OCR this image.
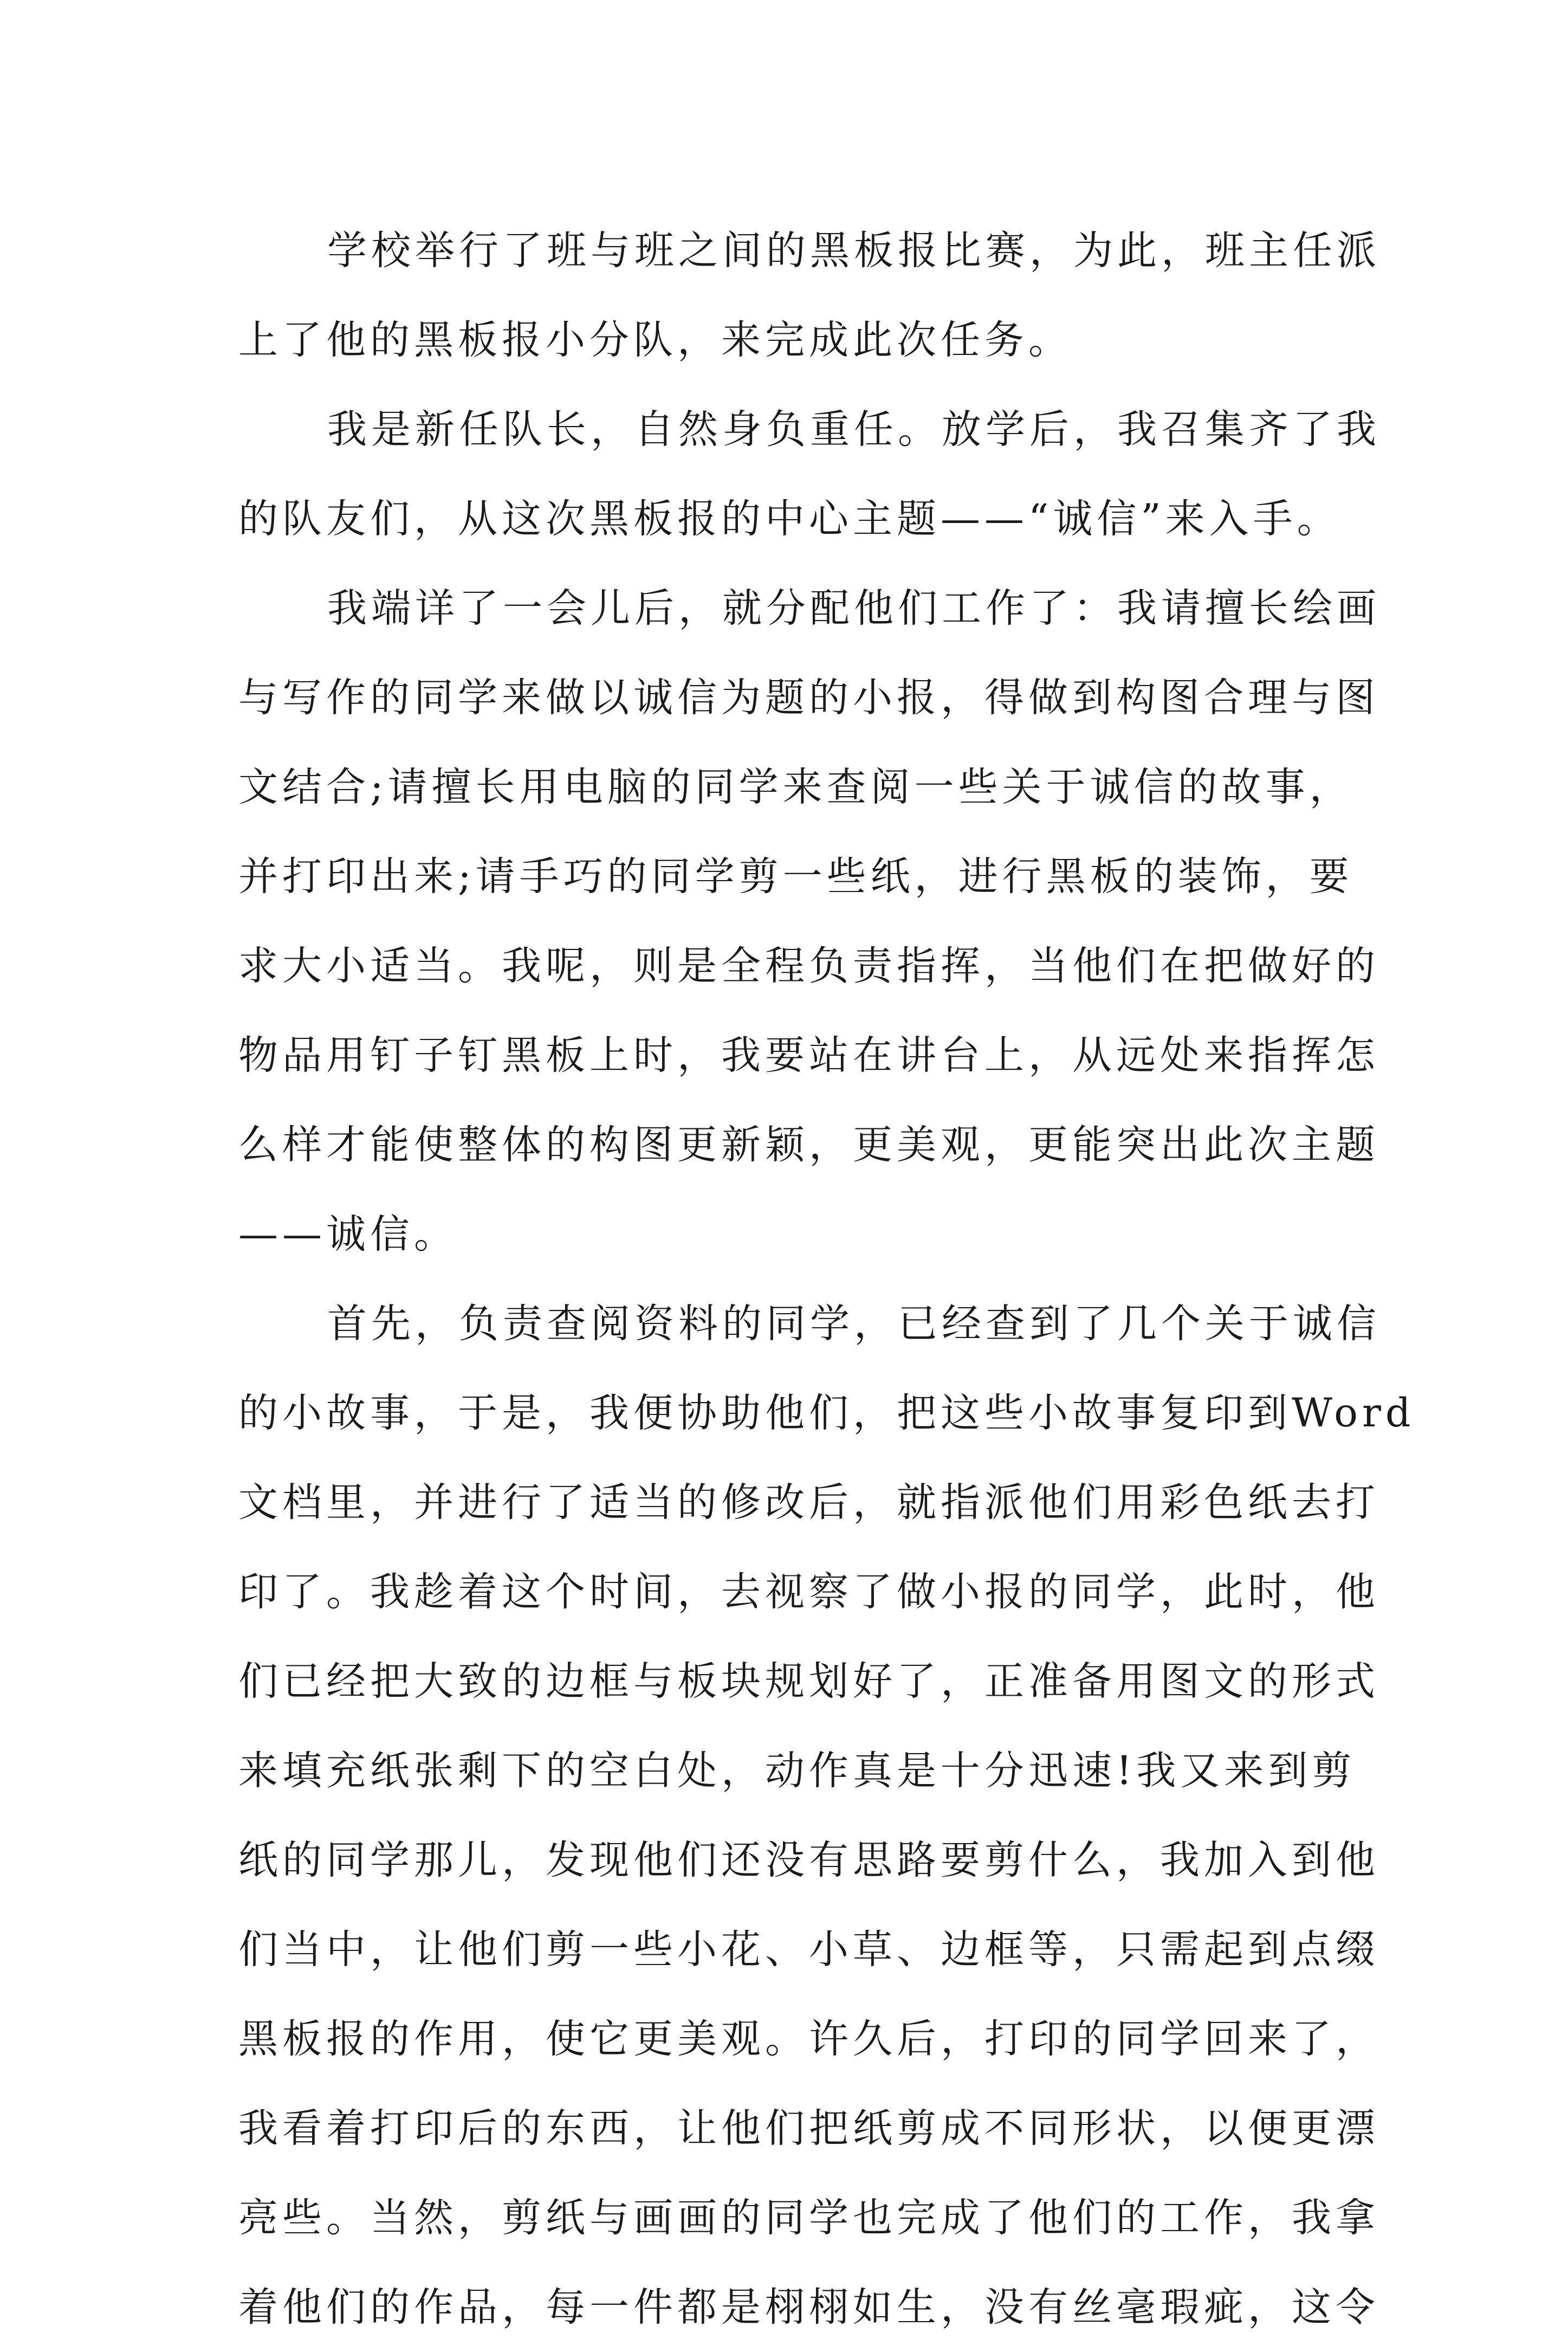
学校举行了班与班之间的黑板报比赛，为此，班主任派
上了他的黑板报小分队，来完成此次任务。
我是新任队长，自然身负重任。放学后，我召集齐了我
的队友们，从这次黑板报的中心主题——“诚信”来入手。
我端详了一会儿后，就分配他们工作了：我请擅长绘画
与写作的同学来做以诚信为题的小报，得做到构图合理与图
文结合;请擅长用电脑的同学来查阅一些关于诚信的故事，
并打印出来;请手巧的同学剪一些纸，进行黑板的装饰，要
求大小适当。我呢，则是全程负责指挥，当他们在把做好的
物品用钉子钉黑板上时，我要站在讲台上，从远处来指挥怎
么样才能使整体的构图更新颖，更美观，更能突出此次主题
——诚信。
首先，负责查阅资料的同学，已经查到了几个关于诚信
的小故事，于是，我便协助他们，把这些小故事复印到Word
文档里，并进行了适当的修改后，就指派他们用彩色纸去打
印了。我趁着这个时间，去视察了做小报的同学，此时，他
们已经把大致的边框与板块规划好了，正准备用图文的形式
来填充纸张剩下的空白处，动作真是十分迅速!我又来到剪
纸的同学那儿，发现他们还没有思路要剪什么，我加入到他
们当中，让他们剪一些小花、小草、边框等，只需起到点缀
黑板报的作用，使它更美观。许久后，打印的同学回来了，
我看着打印后的东西，让他们把纸剪成不同形状，以便更漂
亮些。当然，剪纸与画画的同学也完成了他们的工作，我拿
着他们的作品，每一件都是栩栩如生，没有丝毫瑕疵，这令
